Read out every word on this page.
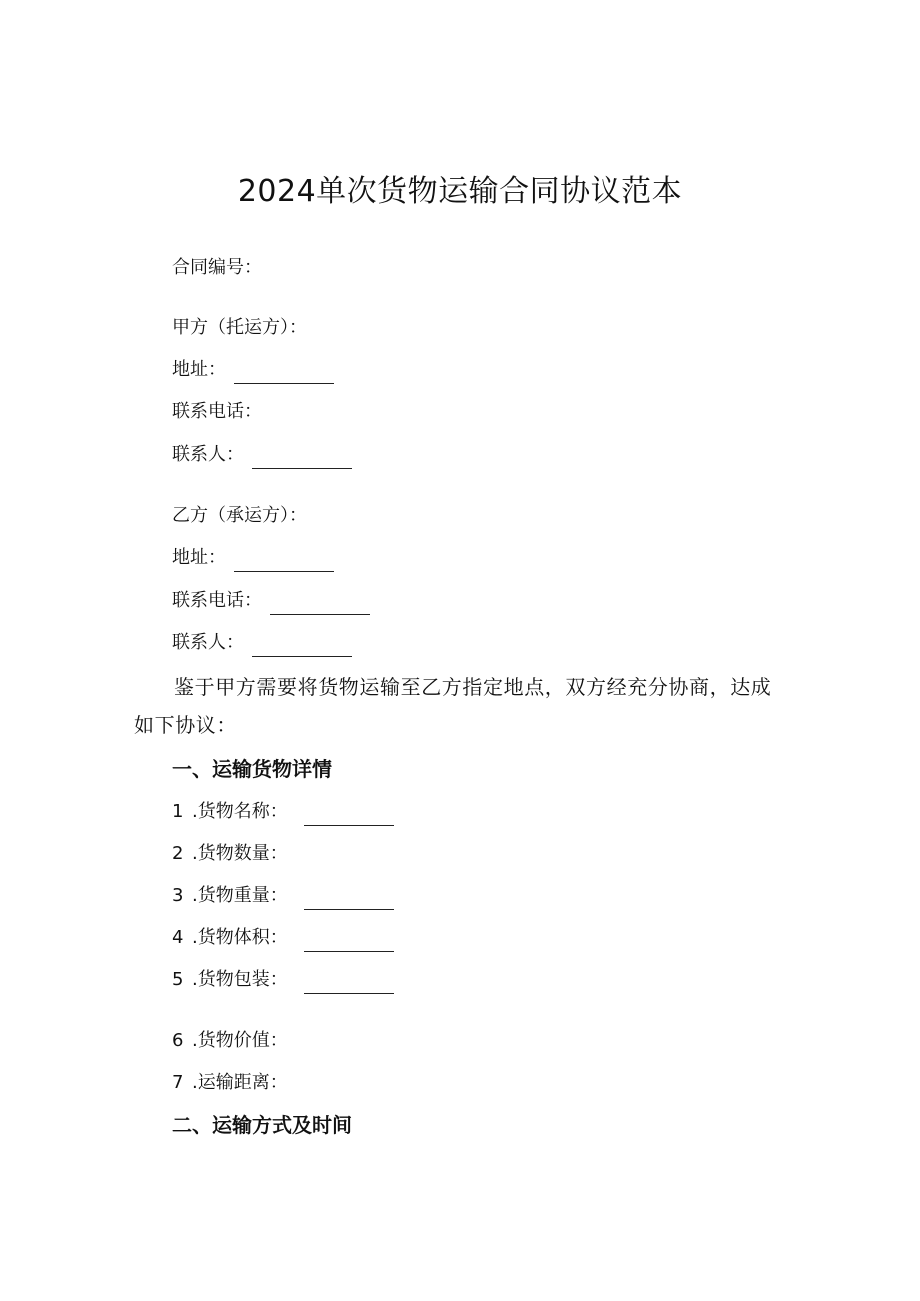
2024单次货物运输合同协议范本
合同编号：
甲方（托运方）：
地址：
联系电话：
联系人：
乙方（承运方）：
地址：
联系电话：
联系人：
鉴于甲方需要将货物运输至乙方指定地点，双方经充分协商，达成如下协议：
一、运输货物详情
1 .货物名称：
2 .货物数量：
3 .货物重量：
4 .货物体积：
5 .货物包装：
6 .货物价值：
7 .运输距离：
二、运输方式及时间
